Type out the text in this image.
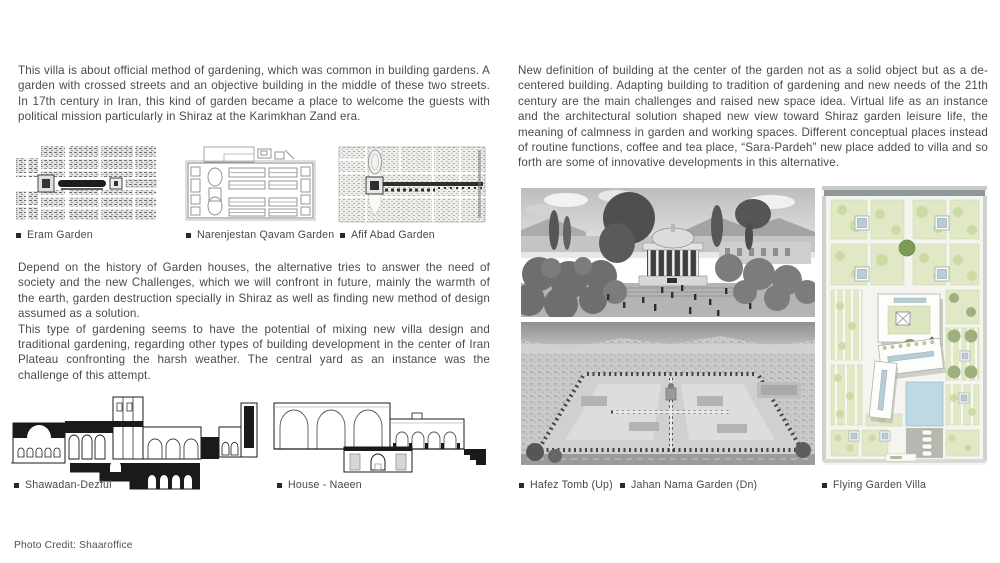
This villa is about official method of gardening, which was common in building gardens. A garden with crossed streets and an objective building in the middle of these two streets. In 17th century in Iran, this kind of garden became a place to welcome the guests with political mission particularly in Shiraz at the Karimkhan Zand era.

Eram Garden	Narenjestan Qavam Garden Afif Abad Garden

Depend on the history of Garden houses, the alternative tries to answer the need of society and the new Challenges, which we will confront in future, mainly the warmth of the earth, garden destruction specially in Shiraz as well as finding new method of design assumed as a solution.

This type of gardening seems to have the potential of mixing new villa design and traditional gardening, regarding other types of building development in the center of Iran Plateau confronting the harsh weather. The central yard as an instance was the challenge of this attempt.

Shawadan-Dezful	House - Naeen

New definition of building at the center of the garden not as a solid object but as a de-centered building. Adapting building to tradition of gardening and new needs of the 21th century are the main challenges and raised new space idea. Virtual life as an instance and the architectural solution shaped new view toward Shiraz garden leisure life, the meaning of calmness in garden and working spaces. Different conceptual places instead of routine functions, coffee and tea place, “Sara-Pardeh” new place added to villa and so forth are some of innovative developments in this alternative.

Hafez Tomb (Up) Jahan Nama Garden (Dn)	Flying Garden Villa
Photo Credit: Shaaroffice
